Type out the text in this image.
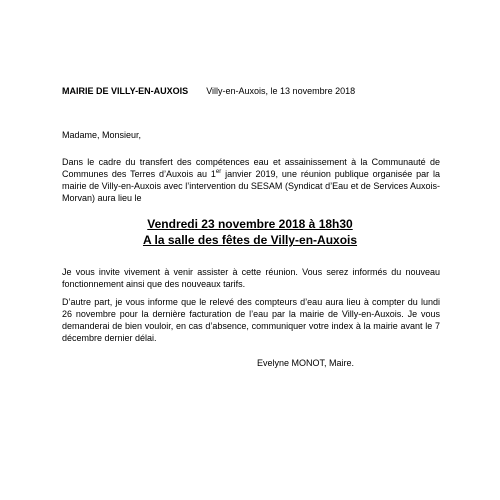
MAIRIE DE VILLY-EN-AUXOIS Villy-en-Auxois, le 13 novembre 2018
Madame, Monsieur,
Dans le cadre du transfert des compétences eau et assainissement à la Communauté de Communes des Terres d’Auxois au 1er janvier 2019, une réunion publique organisée par la mairie de Villy-en-Auxois avec l’intervention du SESAM (Syndicat d’Eau et de Services Auxois-Morvan) aura lieu le
Vendredi 23 novembre 2018 à 18h30
A la salle des fêtes de Villy-en-Auxois
Je vous invite vivement à venir assister à cette réunion. Vous serez informés du nouveau fonctionnement ainsi que des nouveaux tarifs.
D’autre part, je vous informe que le relevé des compteurs d’eau aura lieu à compter du lundi 26 novembre pour la dernière facturation de l’eau par la mairie de Villy-en-Auxois. Je vous demanderai de bien vouloir, en cas d’absence, communiquer votre index à la mairie avant le 7 décembre dernier délai.
Evelyne MONOT, Maire.
